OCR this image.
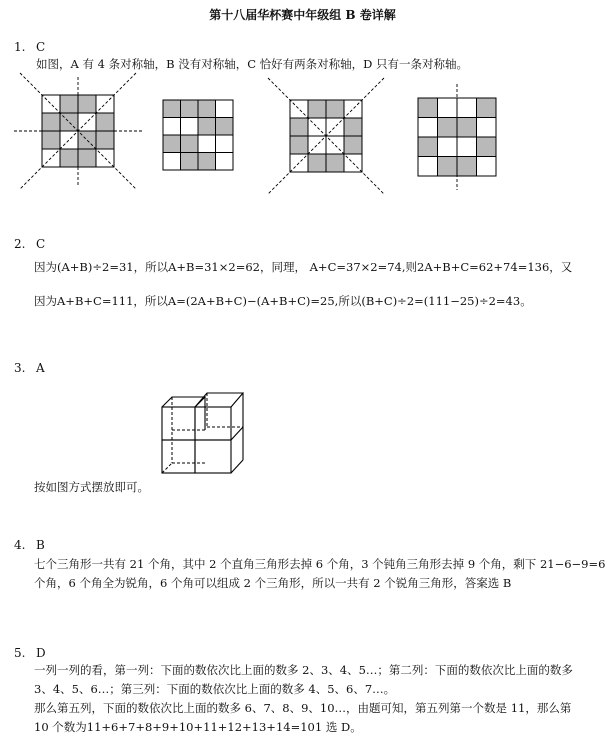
第十八届华杯赛中年级组 B 卷详解
1. C
如图，A 有 4 条对称轴，B 没有对称轴，C 恰好有两条对称轴，D 只有一条对称轴。
2. C
因为(A+B)÷2=31，所以A+B=31×2=62，同理， A+C=37×2=74,则2A+B+C=62+74=136，又
因为A+B+C=111，所以A=(2A+B+C)−(A+B+C)=25,所以(B+C)÷2=(111−25)÷2=43。
3. A
按如图方式摆放即可。
4. B
七个三角形一共有 21 个角，其中 2 个直角三角形去掉 6 个角，3 个钝角三角形去掉 9 个角，剩下 21−6−9=6
个角，6 个角全为锐角，6 个角可以组成 2 个三角形，所以一共有 2 个锐角三角形，答案选 B
5. D
一列一列的看，第一列：下面的数依次比上面的数多 2、3、4、5…；第二列：下面的数依次比上面的数多
3、4、5、6…；第三列：下面的数依次比上面的数多 4、5、6、7…。
那么第五列，下面的数依次比上面的数多 6、7、8、9、10…，由题可知，第五列第一个数是 11，那么第
10 个数为11+6+7+8+9+10+11+12+13+14=101 选 D。
